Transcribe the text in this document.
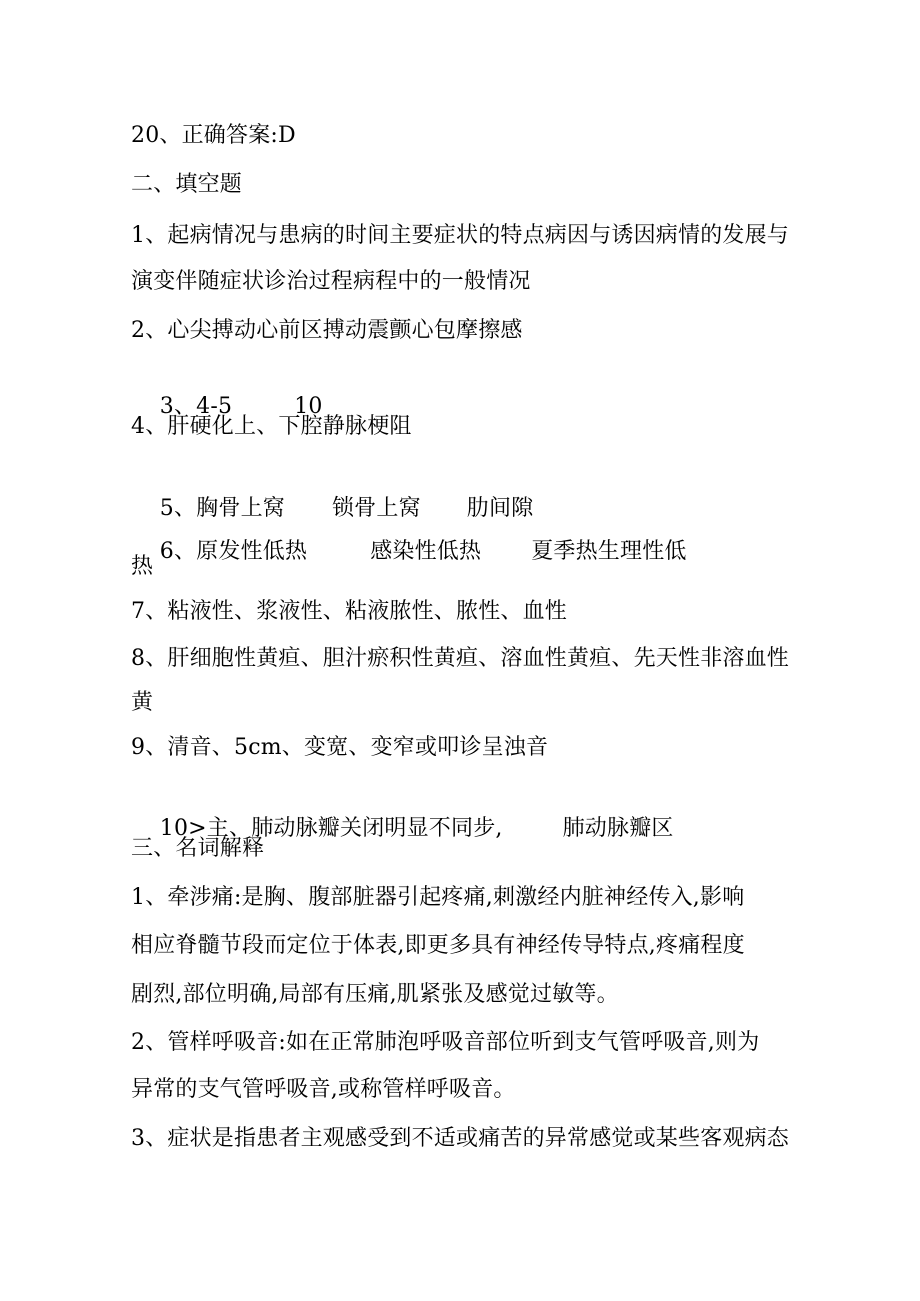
20、正确答案:D
二、填空题
1、起病情况与患病的时间主要症状的特点病因与诱因病情的发展与
演变伴随症状诊治过程病程中的一般情况
2、心尖搏动心前区搏动震颤心包摩擦感

3、4-5	10

4、肝硬化上、下腔静脉梗阻

5、胸骨上窝 锁骨上窝 肋间隙

6、原发性低热	感染性低热 夏季热生理性低

热
7、粘液性、浆液性、粘液脓性、脓性、血性
8、肝细胞性黄疸、胆汁瘀积性黄疸、溶血性黄疸、先天性非溶血性
黄
9、清音、5cm、变宽、变窄或叩诊呈浊音

10>主、肺动脉瓣关闭明显不同步,	肺动脉瓣区

三、名词解释
1、牵涉痛:是胸、腹部脏器引起疼痛,刺激经内脏神经传入,影响
相应脊髓节段而定位于体表,即更多具有神经传导特点,疼痛程度
剧烈,部位明确,局部有压痛,肌紧张及感觉过敏等。
2、管样呼吸音:如在正常肺泡呼吸音部位听到支气管呼吸音,则为
异常的支气管呼吸音,或称管样呼吸音。
3、症状是指患者主观感受到不适或痛苦的异常感觉或某些客观病态
